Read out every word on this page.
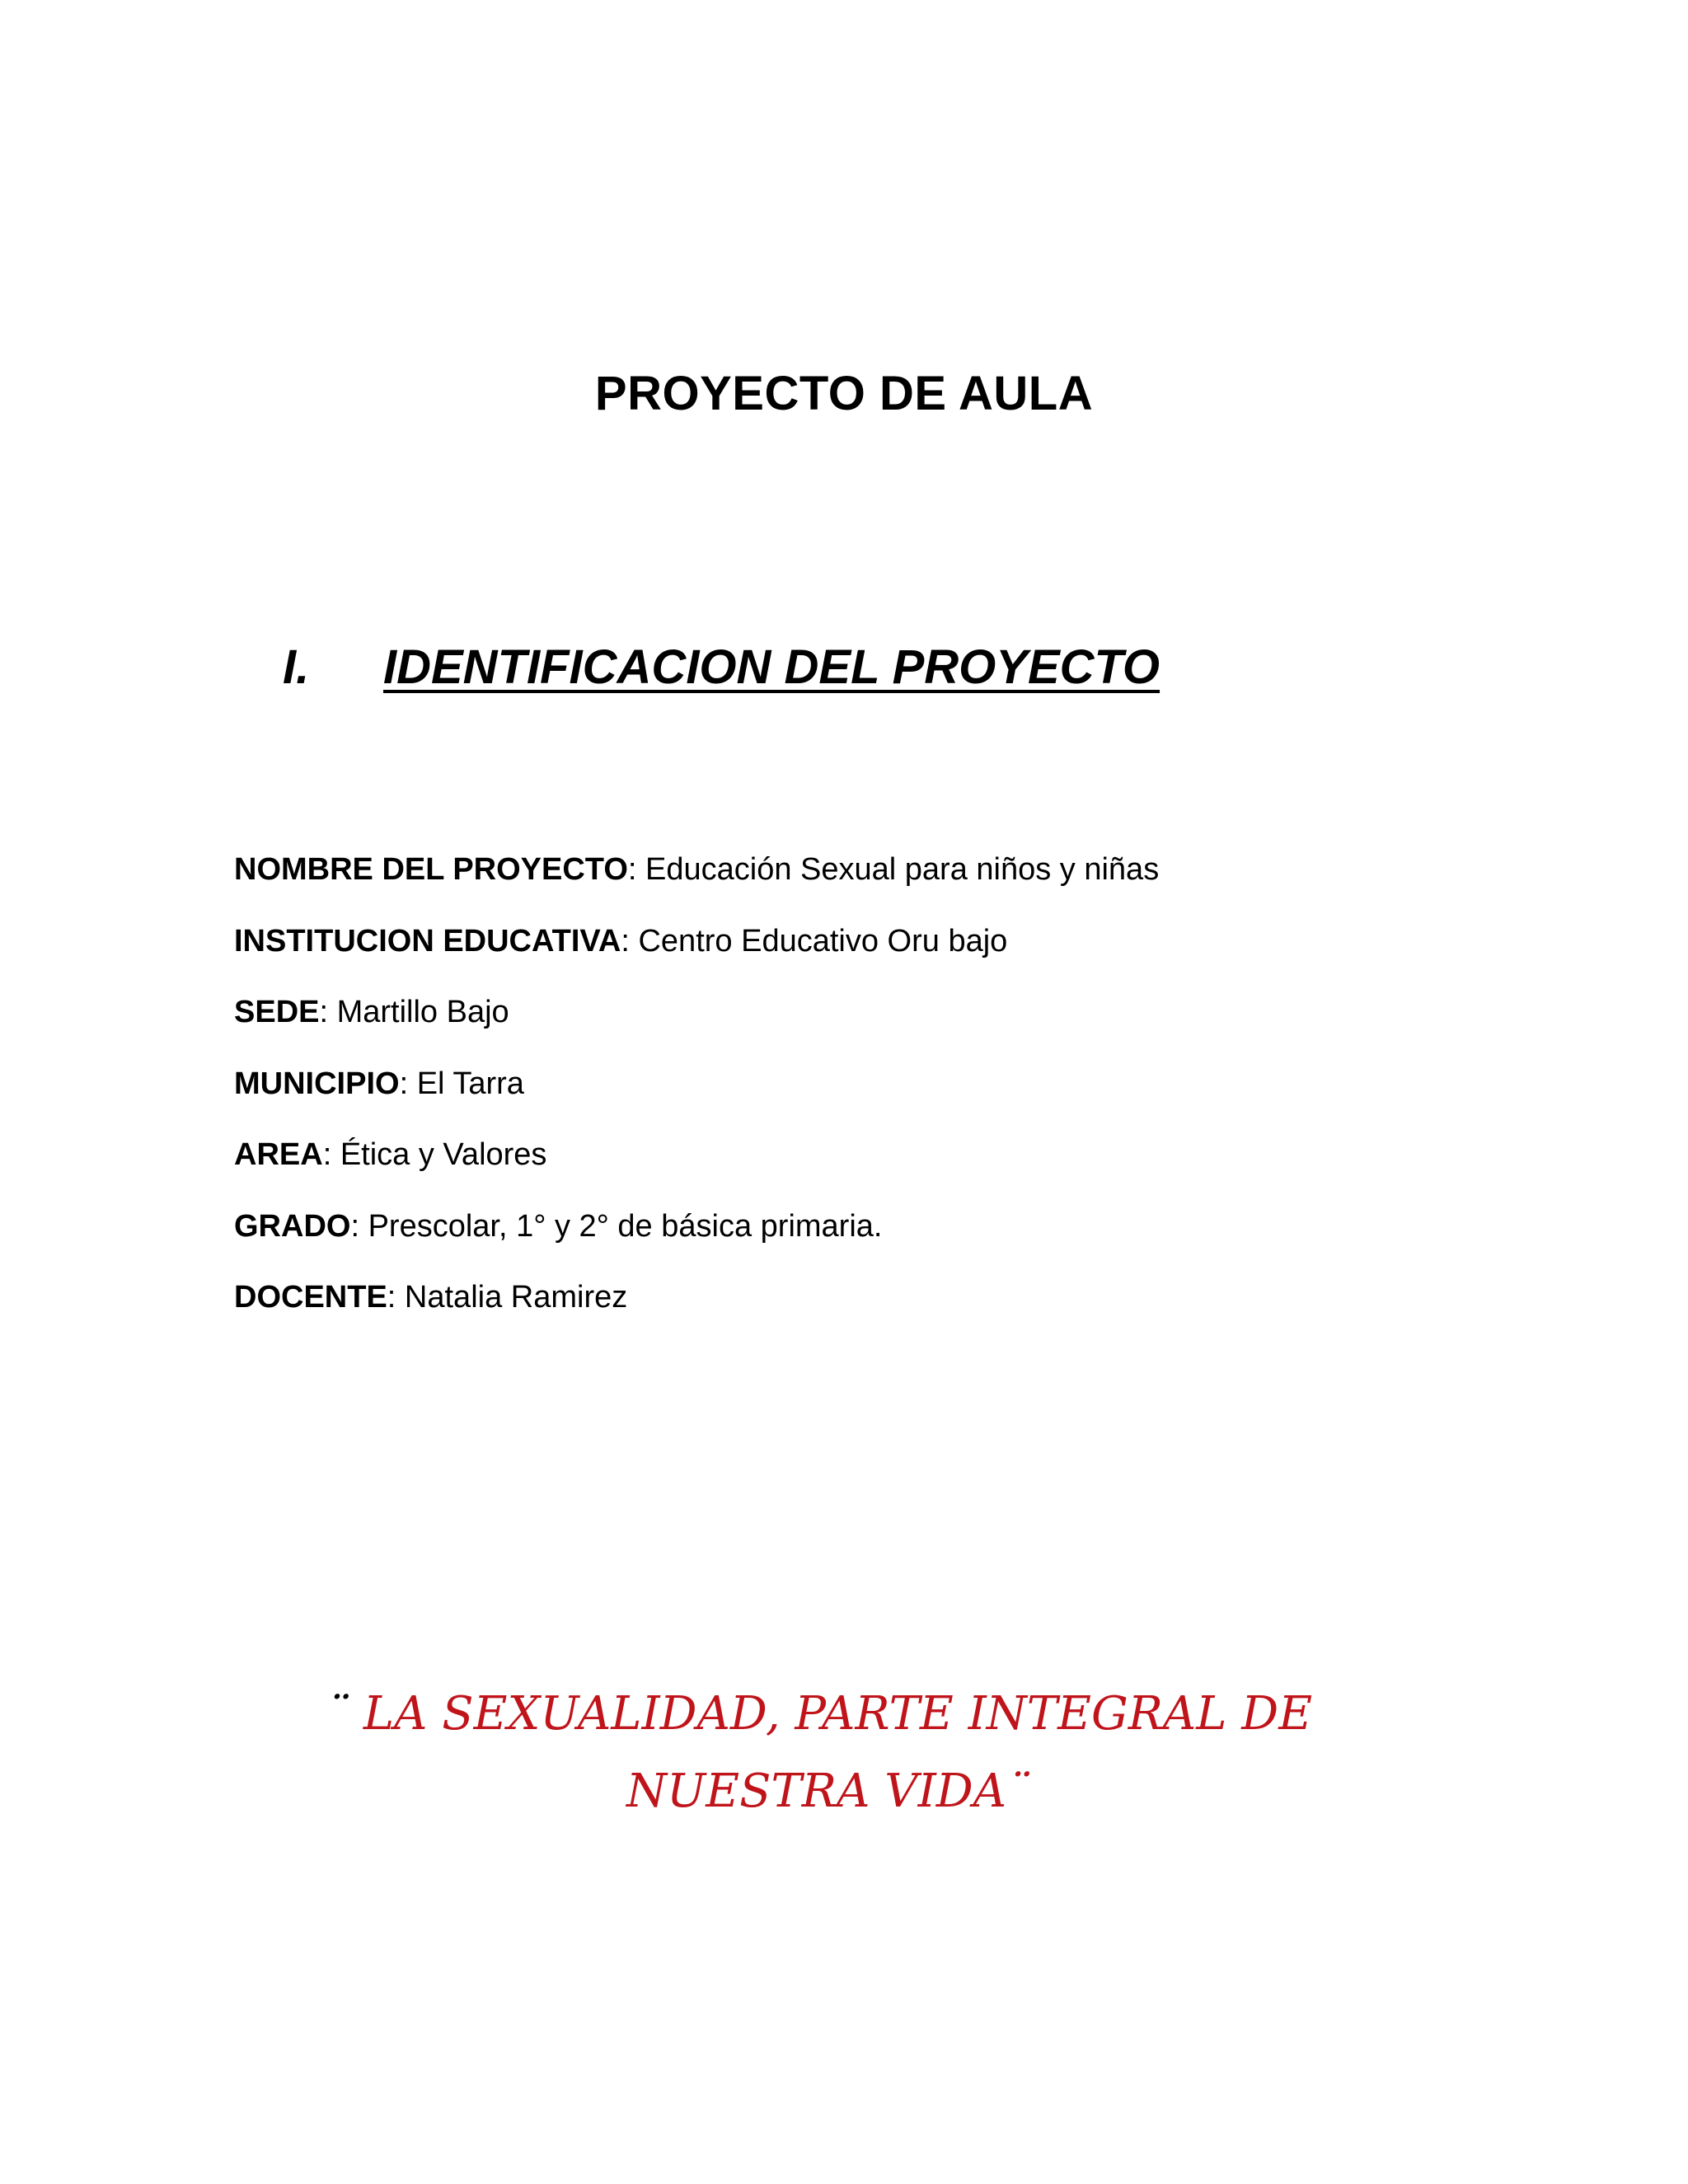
PROYECTO DE AULA
I. IDENTIFICACION DEL PROYECTO
NOMBRE DEL PROYECTO: Educación Sexual para niños y niñas
INSTITUCION EDUCATIVA: Centro Educativo Oru bajo
SEDE: Martillo Bajo
MUNICIPIO: El Tarra
AREA: Ética y Valores
GRADO: Prescolar, 1° y 2° de básica primaria.
DOCENTE: Natalia Ramirez
¨ LA SEXUALIDAD, PARTE INTEGRAL DE
NUESTRA VIDA¨
